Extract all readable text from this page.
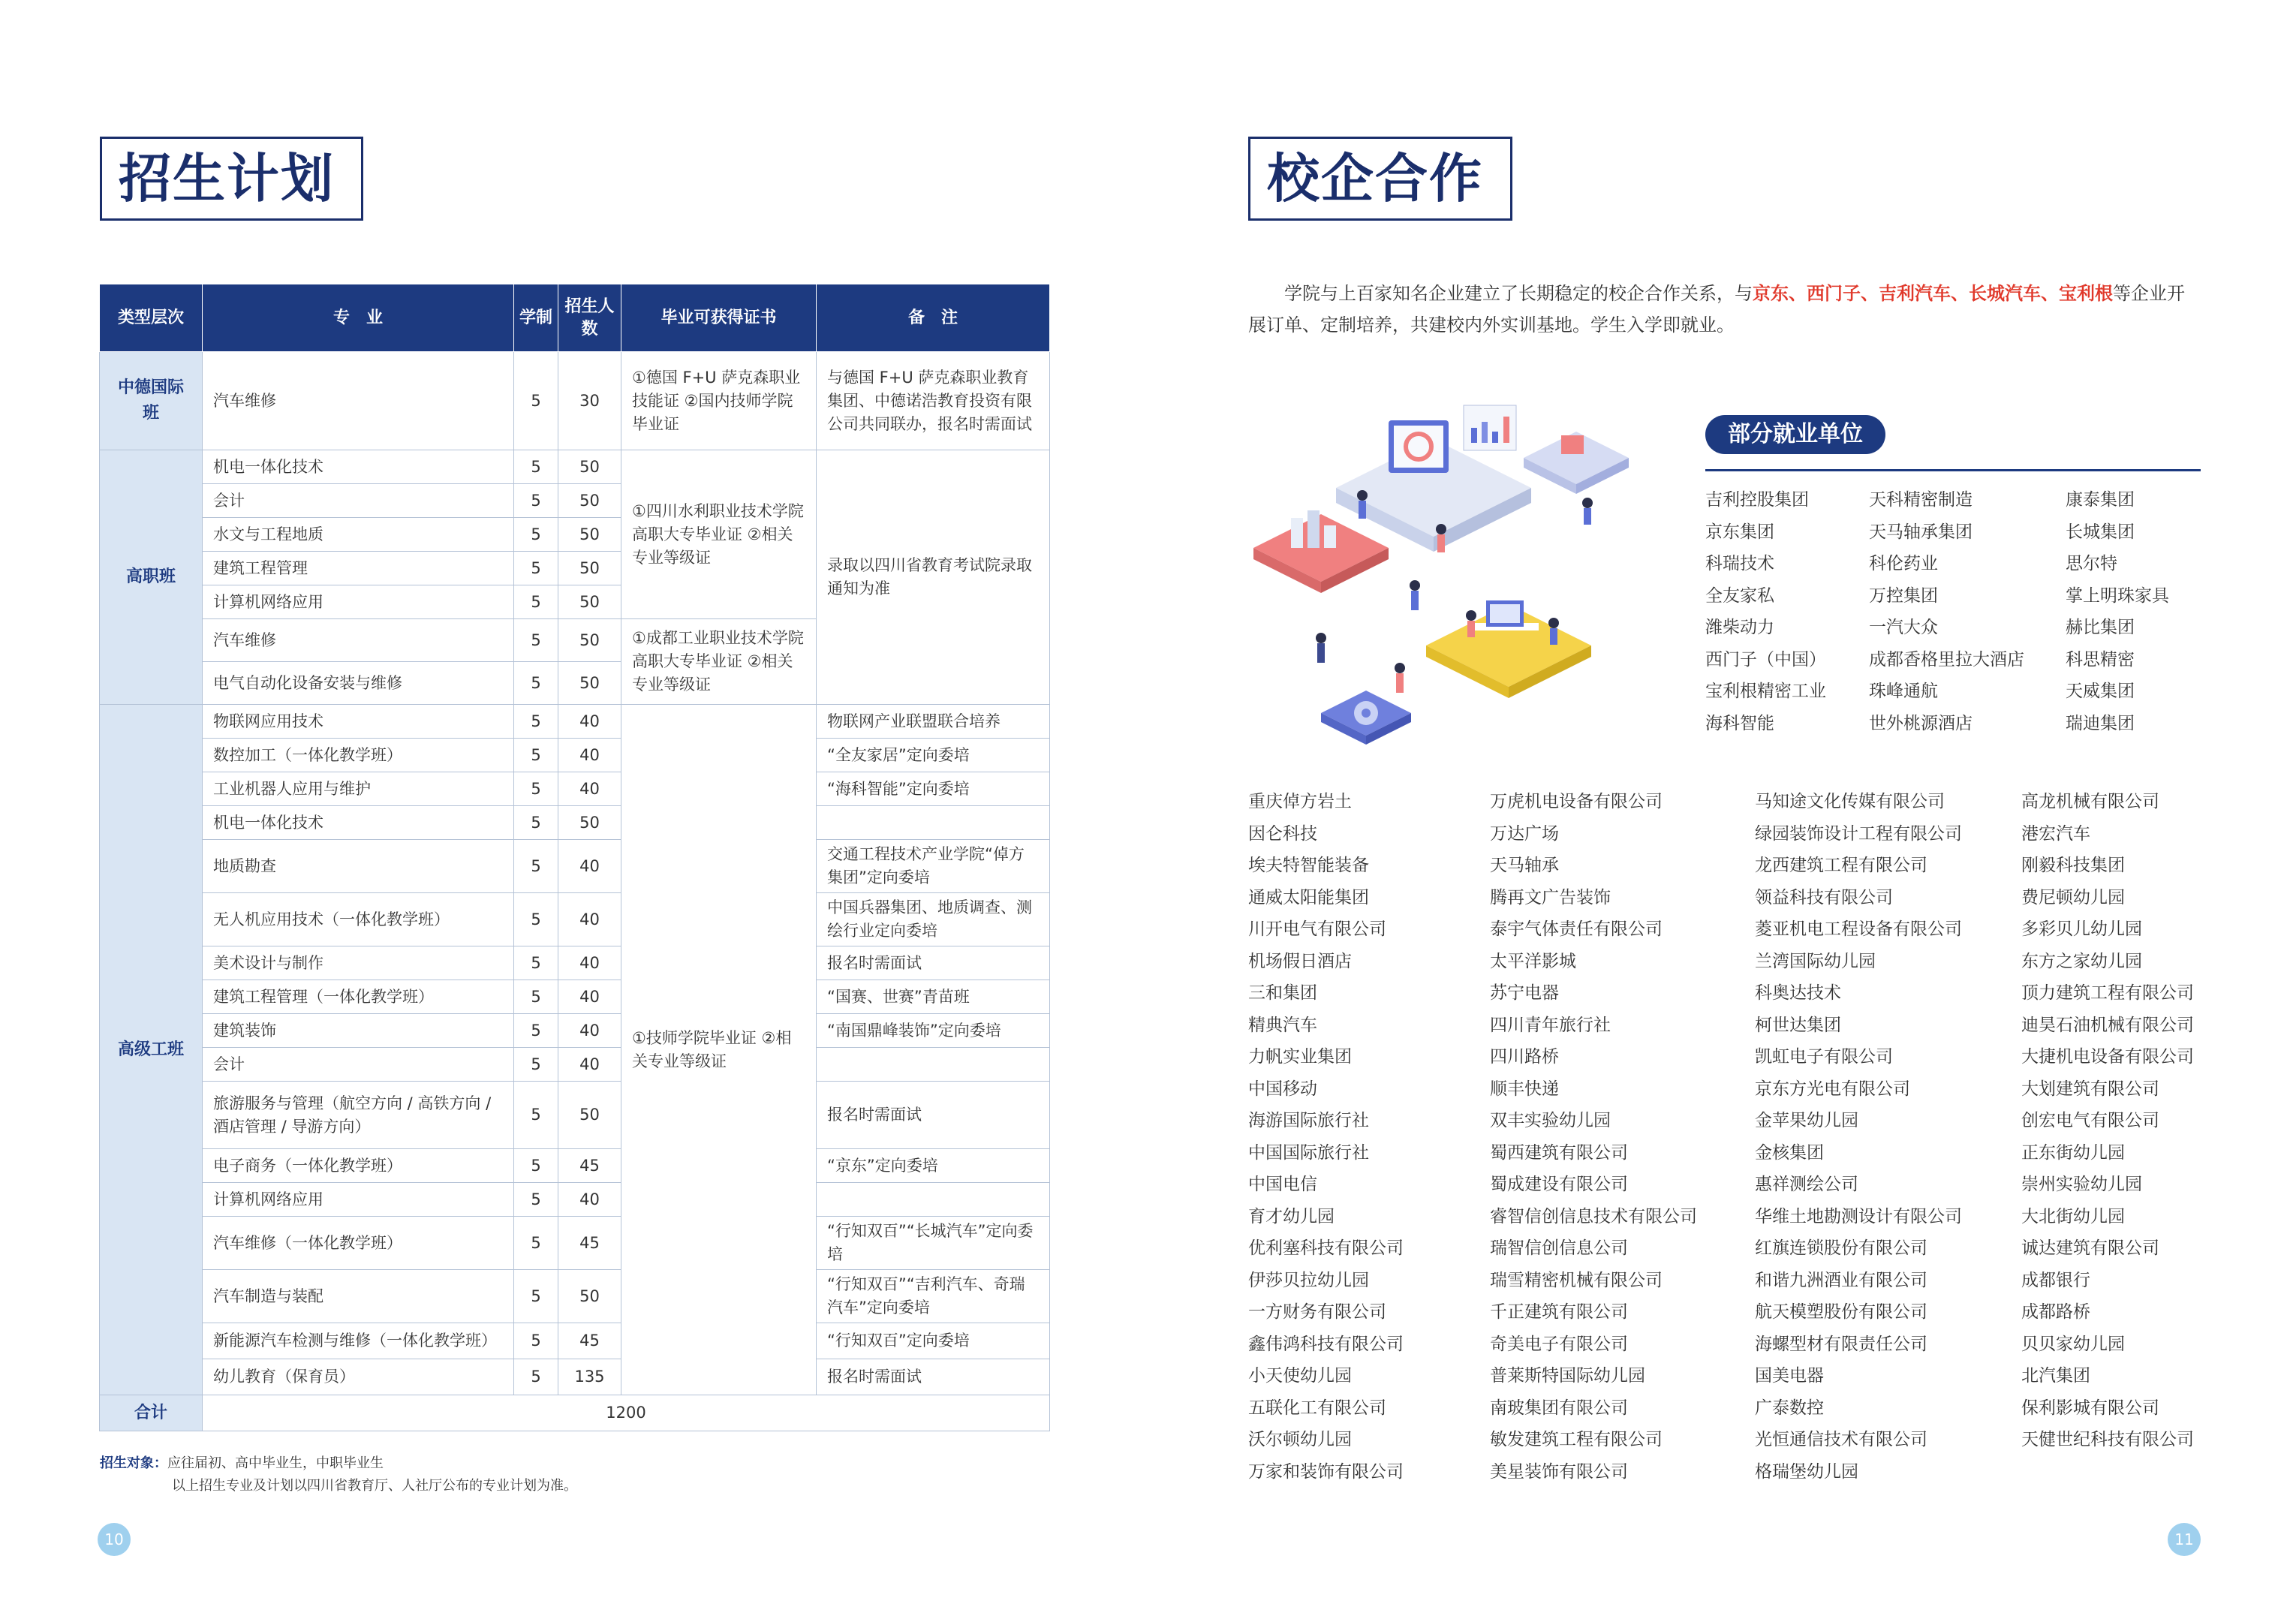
招生计划
类型层次	专　业	学制	招生人数	毕业可获得证书	备　注
中德国际班	汽车维修	5	30	①德国 F+U 萨克森职业技能证 ②国内技师学院毕业证	与德国 F+U 萨克森职业教育集团、中德诺浩教育投资有限公司共同联办，报名时需面试
高职班	机电一体化技术	5	50	①四川水利职业技术学院高职大专毕业证 ②相关专业等级证	录取以四川省教育考试院录取通知为准
	会计	5	50		
	水文与工程地质	5	50		
	建筑工程管理	5	50		
	计算机网络应用	5	50		
	汽车维修	5	50	①成都工业职业技术学院高职大专毕业证 ②相关专业等级证	
	电气自动化设备安装与维修	5	50		
高级工班	物联网应用技术	5	40	①技师学院毕业证 ②相关专业等级证	物联网产业联盟联合培养
	数控加工（一体化教学班）	5	40		“全友家居”定向委培
	工业机器人应用与维护	5	40		“海科智能”定向委培
	机电一体化技术	5	50		
	地质勘查	5	40		交通工程技术产业学院“倬方集团”定向委培
	无人机应用技术（一体化教学班）	5	40		中国兵器集团、地质调查、测绘行业定向委培
	美术设计与制作	5	40		报名时需面试
	建筑工程管理（一体化教学班）	5	40		“国赛、世赛”青苗班
	建筑装饰	5	40		“南国鼎峰装饰”定向委培
	会计	5	40		
	旅游服务与管理（航空方向 / 高铁方向 / 酒店管理 / 导游方向）	5	50		报名时需面试
	电子商务（一体化教学班）	5	45		“京东”定向委培
	计算机网络应用	5	40		
	汽车维修（一体化教学班）	5	45		“行知双百”“长城汽车”定向委培
	汽车制造与装配	5	50		“行知双百”“吉利汽车、奇瑞汽车”定向委培
	新能源汽车检测与维修（一体化教学班）	5	45		“行知双百”定向委培
	幼儿教育（保育员）	5	135		报名时需面试
合计	1200				
招生对象：应往届初、高中毕业生，中职毕业生
以上招生专业及计划以四川省教育厅、人社厅公布的专业计划为准。
10
校企合作

学院与上百家知名企业建立了长期稳定的校企合作关系，与京东、西门子、吉利汽车、长城汽车、宝利根等企业开展订单、定制培养，共建校内外实训基地。学生入学即就业。

部分就业单位
吉利控股集团
京东集团
科瑞技术
全友家私
潍柴动力
西门子（中国）
宝利根精密工业
海科智能
天科精密制造
天马轴承集团
科伦药业
万控集团
一汽大众
成都香格里拉大酒店
珠峰通航
世外桃源酒店
康泰集团
长城集团
思尔特
掌上明珠家具
赫比集团
科思精密
天威集团
瑞迪集团
重庆倬方岩土
因仑科技
埃夫特智能装备
通威太阳能集团
川开电气有限公司
机场假日酒店
三和集团
精典汽车
力帆实业集团
中国移动
海游国际旅行社
中国国际旅行社
中国电信
育才幼儿园
优利塞科技有限公司
伊莎贝拉幼儿园
一方财务有限公司
鑫伟鸿科技有限公司
小天使幼儿园
五联化工有限公司
沃尔顿幼儿园
万家和装饰有限公司
万虎机电设备有限公司
万达广场
天马轴承
腾再文广告装饰
泰宇气体责任有限公司
太平洋影城
苏宁电器
四川青年旅行社
四川路桥
顺丰快递
双丰实验幼儿园
蜀西建筑有限公司
蜀成建设有限公司
睿智信创信息技术有限公司
瑞智信创信息公司
瑞雪精密机械有限公司
千正建筑有限公司
奇美电子有限公司
普莱斯特国际幼儿园
南玻集团有限公司
敏发建筑工程有限公司
美星装饰有限公司
马知途文化传媒有限公司
绿园装饰设计工程有限公司
龙西建筑工程有限公司
领益科技有限公司
菱亚机电工程设备有限公司
兰湾国际幼儿园
科奥达技术
柯世达集团
凯虹电子有限公司
京东方光电有限公司
金苹果幼儿园
金核集团
惠祥测绘公司
华维土地勘测设计有限公司
红旗连锁股份有限公司
和谐九洲酒业有限公司
航天模塑股份有限公司
海螺型材有限责任公司
国美电器
广泰数控
光恒通信技术有限公司
格瑞堡幼儿园
高龙机械有限公司
港宏汽车
刚毅科技集团
费尼顿幼儿园
多彩贝儿幼儿园
东方之家幼儿园
顶力建筑工程有限公司
迪昊石油机械有限公司
大捷机电设备有限公司
大划建筑有限公司
创宏电气有限公司
正东街幼儿园
崇州实验幼儿园
大北街幼儿园
诚达建筑有限公司
成都银行
成都路桥
贝贝家幼儿园
北汽集团
保利影城有限公司
天健世纪科技有限公司
11
